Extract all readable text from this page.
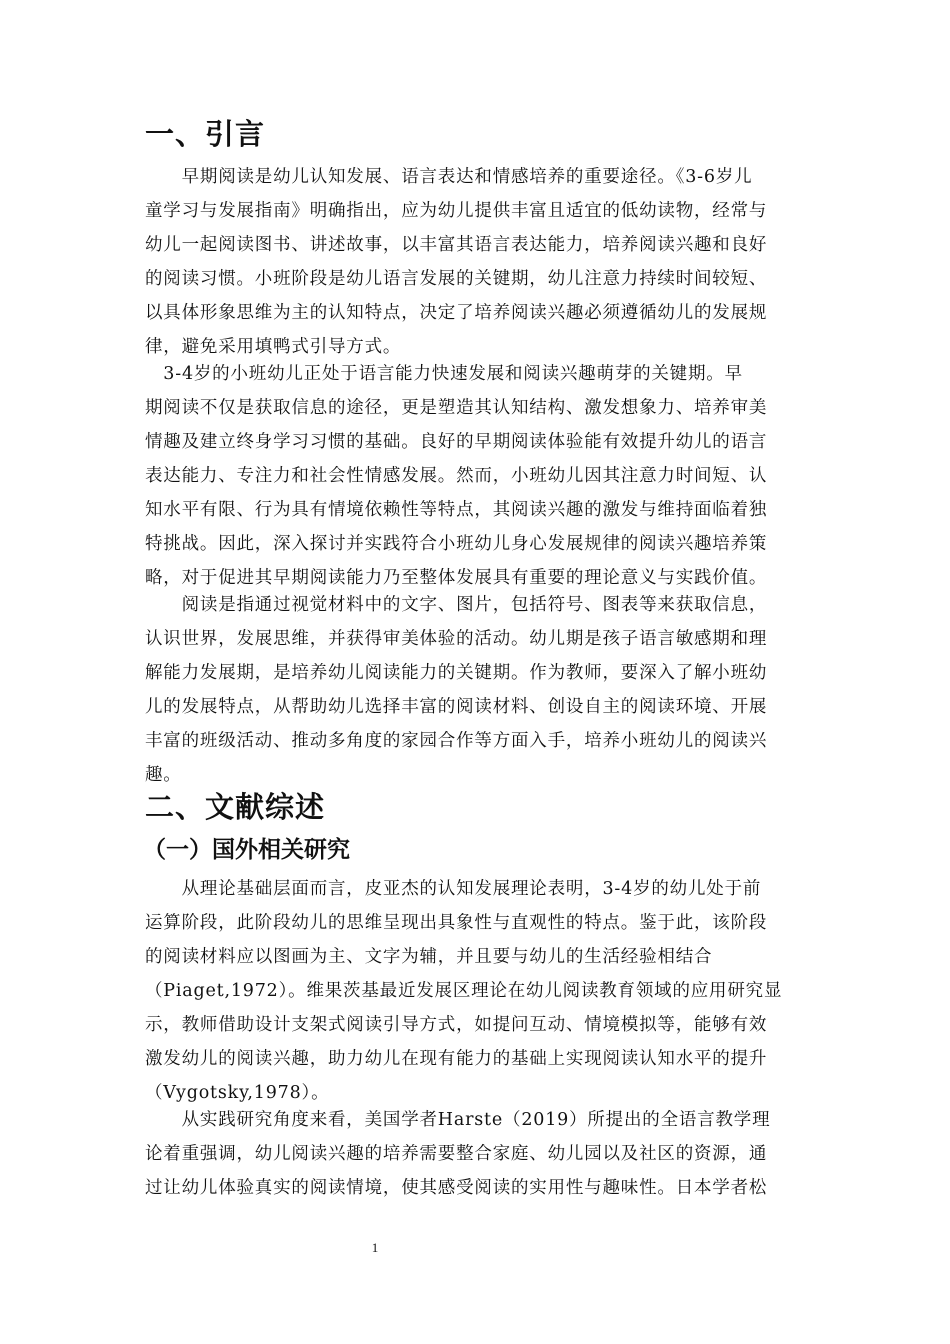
一、引言
　　早期阅读是幼儿认知发展、语言表达和情感培养的重要途径。《3-6岁儿
童学习与发展指南》明确指出，应为幼儿提供丰富且适宜的低幼读物，经常与
幼儿一起阅读图书、讲述故事，以丰富其语言表达能力，培养阅读兴趣和良好
的阅读习惯。小班阶段是幼儿语言发展的关键期，幼儿注意力持续时间较短、
以具体形象思维为主的认知特点，决定了培养阅读兴趣必须遵循幼儿的发展规
律，避免采用填鸭式引导方式。
　3-4岁的小班幼儿正处于语言能力快速发展和阅读兴趣萌芽的关键期。早
期阅读不仅是获取信息的途径，更是塑造其认知结构、激发想象力、培养审美
情趣及建立终身学习习惯的基础。良好的早期阅读体验能有效提升幼儿的语言
表达能力、专注力和社会性情感发展。然而，小班幼儿因其注意力时间短、认
知水平有限、行为具有情境依赖性等特点，其阅读兴趣的激发与维持面临着独
特挑战。因此，深入探讨并实践符合小班幼儿身心发展规律的阅读兴趣培养策
略，对于促进其早期阅读能力乃至整体发展具有重要的理论意义与实践价值。
　　阅读是指通过视觉材料中的文字、图片，包括符号、图表等来获取信息，
认识世界，发展思维，并获得审美体验的活动。幼儿期是孩子语言敏感期和理
解能力发展期，是培养幼儿阅读能力的关键期。作为教师，要深入了解小班幼
儿的发展特点，从帮助幼儿选择丰富的阅读材料、创设自主的阅读环境、开展
丰富的班级活动、推动多角度的家园合作等方面入手，培养小班幼儿的阅读兴
趣。
二、文献综述
（一）国外相关研究
　　从理论基础层面而言，皮亚杰的认知发展理论表明，3-4岁的幼儿处于前
运算阶段，此阶段幼儿的思维呈现出具象性与直观性的特点。鉴于此，该阶段
的阅读材料应以图画为主、文字为辅，并且要与幼儿的生活经验相结合
（Piaget,1972）。维果茨基最近发展区理论在幼儿阅读教育领域的应用研究显
示，教师借助设计支架式阅读引导方式，如提问互动、情境模拟等，能够有效
激发幼儿的阅读兴趣，助力幼儿在现有能力的基础上实现阅读认知水平的提升
（Vygotsky,1978）。
　　从实践研究角度来看，美国学者Harste（2019）所提出的全语言教学理
论着重强调，幼儿阅读兴趣的培养需要整合家庭、幼儿园以及社区的资源，通
过让幼儿体验真实的阅读情境，使其感受阅读的实用性与趣味性。日本学者松
1
